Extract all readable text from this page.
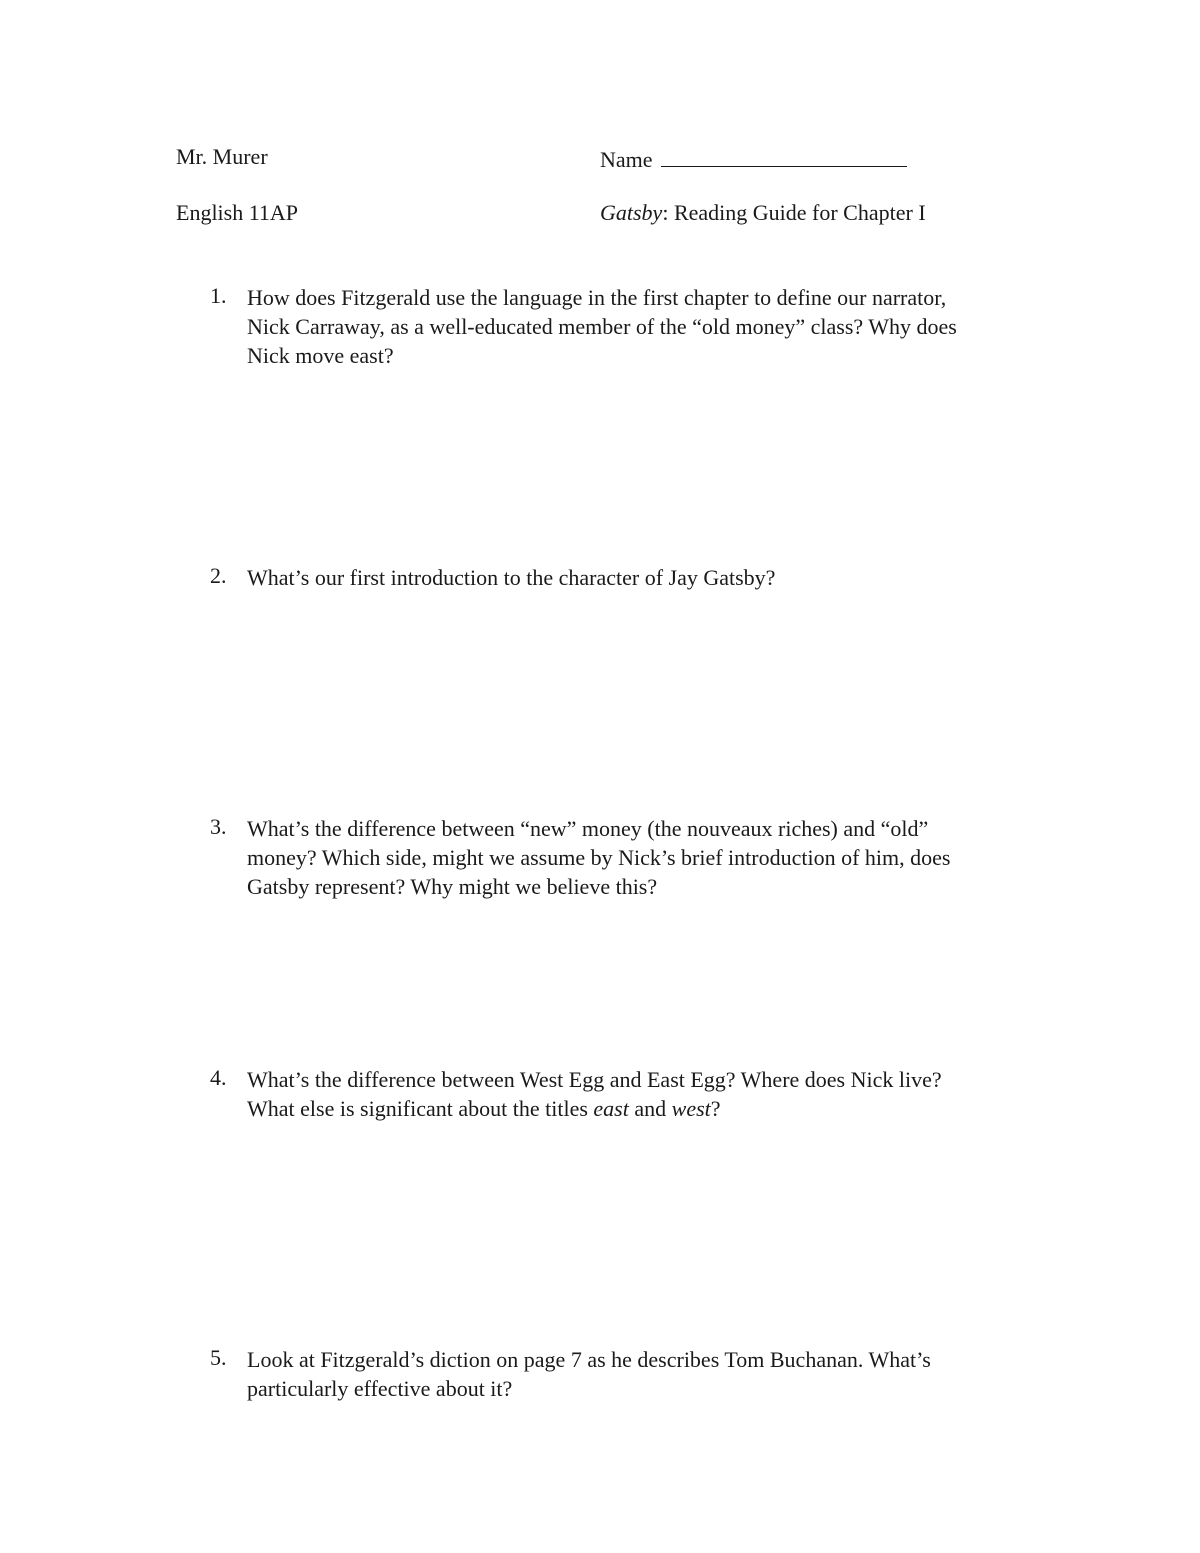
Mr. Murer	Name
English 11AP	Gatsby: Reading Guide for Chapter I
1. How does Fitzgerald use the language in the first chapter to define our narrator,
Nick Carraway, as a well-educated member of the “old money” class? Why does
Nick move east?
2. What’s our first introduction to the character of Jay Gatsby?
3. What’s the difference between “new” money (the nouveaux riches) and “old”
money? Which side, might we assume by Nick’s brief introduction of him, does
Gatsby represent? Why might we believe this?
4. What’s the difference between West Egg and East Egg? Where does Nick live?
What else is significant about the titles east and west?
5. Look at Fitzgerald’s diction on page 7 as he describes Tom Buchanan. What’s
particularly effective about it?
